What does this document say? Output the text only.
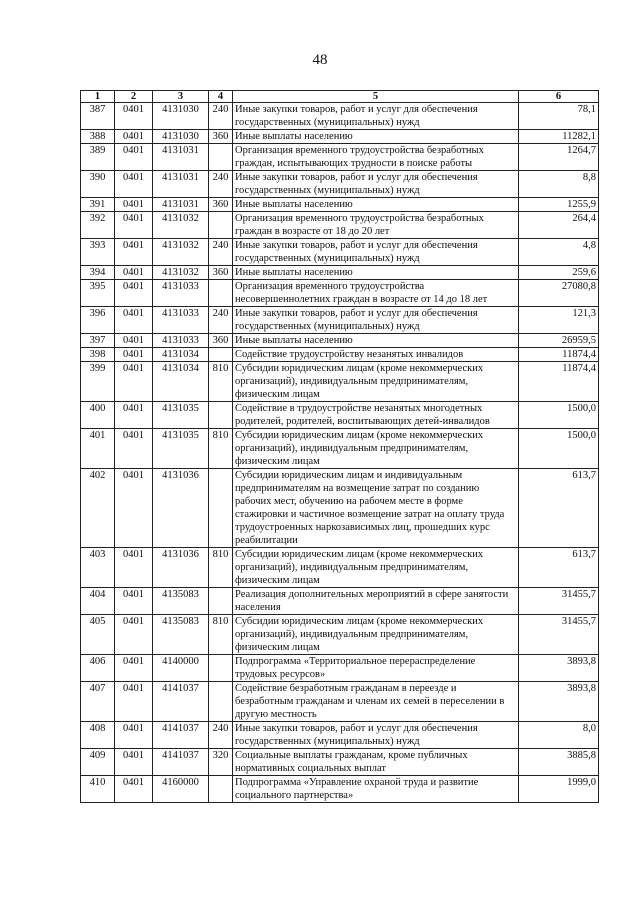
48
1	2	3	4	5	6
387	0401	4131030	240	Иные закупки товаров, работ и услуг для обеспечения государственных (муниципальных) нужд	78,1
388	0401	4131030	360	Иные выплаты населению	11282,1
389	0401	4131031		Организация временного трудоустройства безработных граждан, испытывающих трудности в поиске работы	1264,7
390	0401	4131031	240	Иные закупки товаров, работ и услуг для обеспечения государственных (муниципальных) нужд	8,8
391	0401	4131031	360	Иные выплаты населению	1255,9
392	0401	4131032		Организация временного трудоустройства безработных граждан в возрасте от 18 до 20 лет	264,4
393	0401	4131032	240	Иные закупки товаров, работ и услуг для обеспечения государственных (муниципальных) нужд	4,8
394	0401	4131032	360	Иные выплаты населению	259,6
395	0401	4131033		Организация временного трудоустройства несовершеннолетних граждан в возрасте от 14 до 18 лет	27080,8
396	0401	4131033	240	Иные закупки товаров, работ и услуг для обеспечения государственных (муниципальных) нужд	121,3
397	0401	4131033	360	Иные выплаты населению	26959,5
398	0401	4131034		Содействие трудоустройству незанятых инвалидов	11874,4
399	0401	4131034	810	Субсидии юридическим лицам (кроме некоммерческих организаций), индивидуальным предпринимателям, физическим лицам	11874,4
400	0401	4131035		Содействие в трудоустройстве незанятых многодетных родителей, родителей, воспитывающих детей-инвалидов	1500,0
401	0401	4131035	810	Субсидии юридическим лицам (кроме некоммерческих организаций), индивидуальным предпринимателям, физическим лицам	1500,0
402	0401	4131036		Субсидии юридическим лицам и индивидуальным предпринимателям на возмещение затрат по созданию рабочих мест, обучению на рабочем месте в форме стажировки и частичное возмещение затрат на оплату труда трудоустроенных наркозависимых лиц, прошедших курс реабилитации	613,7
403	0401	4131036	810	Субсидии юридическим лицам (кроме некоммерческих организаций), индивидуальным предпринимателям, физическим лицам	613,7
404	0401	4135083		Реализация дополнительных мероприятий в сфере занятости населения	31455,7
405	0401	4135083	810	Субсидии юридическим лицам (кроме некоммерческих организаций), индивидуальным предпринимателям, физическим лицам	31455,7
406	0401	4140000		Подпрограмма «Территориальное перераспределение трудовых ресурсов»	3893,8
407	0401	4141037		Содействие безработным гражданам в переезде и безработным гражданам и членам их семей в переселении в другую местность	3893,8
408	0401	4141037	240	Иные закупки товаров, работ и услуг для обеспечения государственных (муниципальных) нужд	8,0
409	0401	4141037	320	Социальные выплаты гражданам, кроме публичных нормативных социальных выплат	3885,8
410	0401	4160000		Подпрограмма «Управление охраной труда и развитие социального партнерства»	1999,0
